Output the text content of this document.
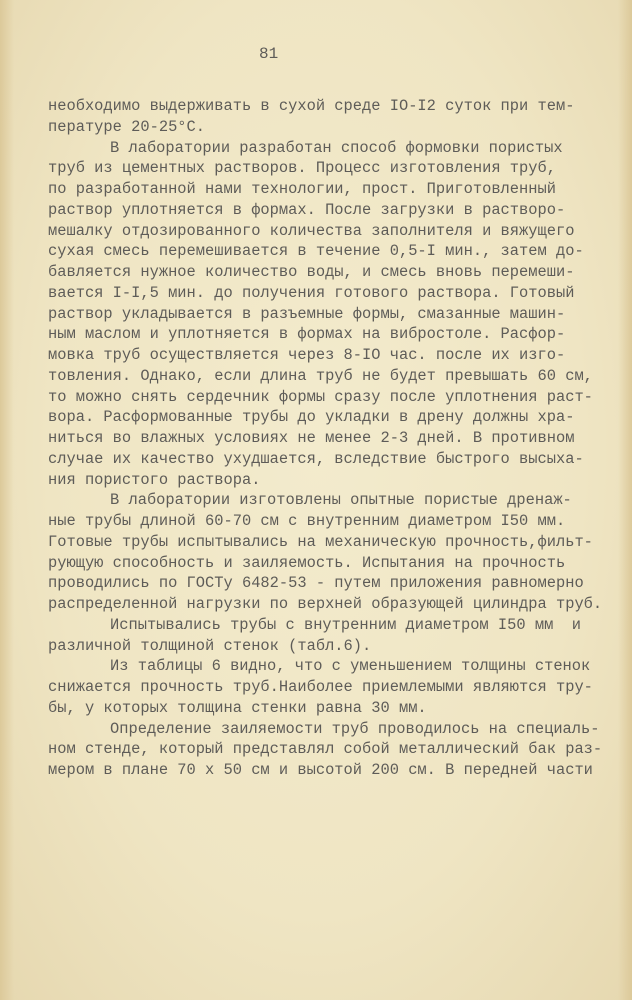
81
необходимо выдерживать в сухой среде IO-I2 суток при тем-
пературе 20-25°С.
В лаборатории разработан способ формовки пористых
труб из цементных растворов. Процесс изготовления труб,
по разработанной нами технологии, прост. Приготовленный
раствор уплотняется в формах. После загрузки в растворо-
мешалку отдозированного количества заполнителя и вяжущего
сухая смесь перемешивается в течение 0,5-I мин., затем до-
бавляется нужное количество воды, и смесь вновь перемеши-
вается I-I,5 мин. до получения готового раствора. Готовый
раствор укладывается в разъемные формы, смазанные машин-
ным маслом и уплотняется в формах на вибростоле. Расфор-
мовка труб осуществляется через 8-IO час. после их изго-
товления. Однако, если длина труб не будет превышать 60 см,
то можно снять сердечник формы сразу после уплотнения раст-
вора. Расформованные трубы до укладки в дрену должны хра-
ниться во влажных условиях не менее 2-3 дней. В противном
случае их качество ухудшается, вследствие быстрого высыха-
ния пористого раствора.
В лаборатории изготовлены опытные пористые дренаж-
ные трубы длиной 60-70 см с внутренним диаметром I50 мм.
Готовые трубы испытывались на механическую прочность,фильт-
рующую способность и заиляемость. Испытания на прочность
проводились по ГОСТу 6482-53 - путем приложения равномерно
распределенной нагрузки по верхней образующей цилиндра труб.
Испытывались трубы с внутренним диаметром I50 мм  и
различной толщиной стенок (табл.6).
Из таблицы 6 видно, что с уменьшением толщины стенок
снижается прочность труб.Наиболее приемлемыми являются тру-
бы, у которых толщина стенки равна 30 мм.
Определение заиляемости труб проводилось на специаль-
ном стенде, который представлял собой металлический бак раз-
мером в плане 70 х 50 см и высотой 200 см. В передней части
